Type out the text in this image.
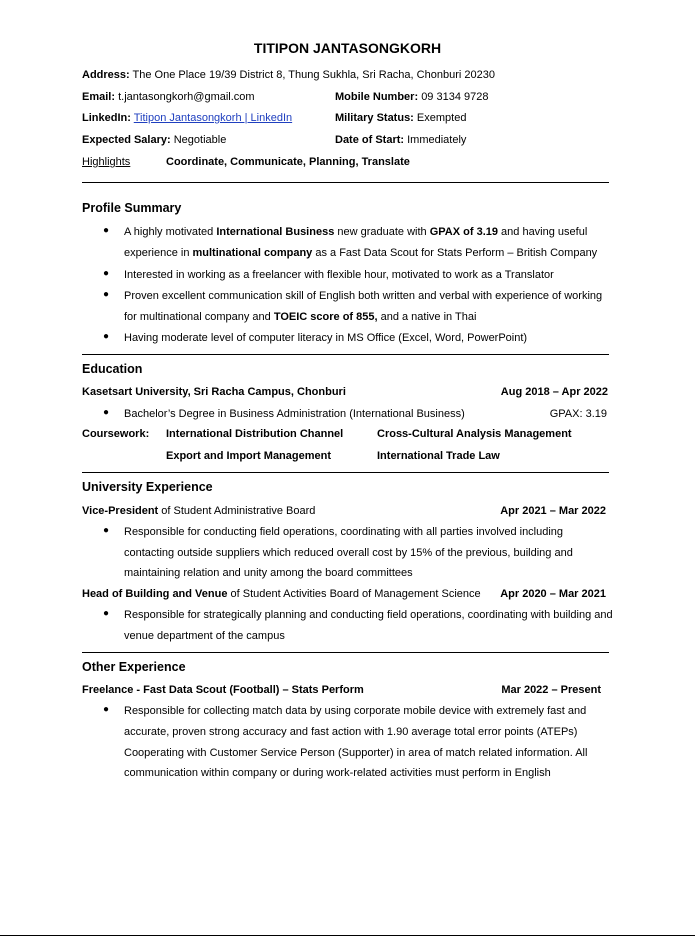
TITIPON JANTASONGKORH
Address: The One Place 19/39 District 8, Thung Sukhla, Sri Racha, Chonburi 20230
Email: t.jantasongkorh@gmail.com	Mobile Number: 09 3134 9728
LinkedIn: Titipon Jantasongkorh | LinkedIn	Military Status: Exempted
Expected Salary: Negotiable	Date of Start: Immediately
Highlights	Coordinate, Communicate, Planning, Translate
Profile Summary
● A highly motivated International Business new graduate with GPAX of 3.19 and having useful
experience in multinational company as a Fast Data Scout for Stats Perform – British Company
● Interested in working as a freelancer with flexible hour, motivated to work as a Translator
● Proven excellent communication skill of English both written and verbal with experience of working
for multinational company and TOEIC score of 855, and a native in Thai
● Having moderate level of computer literacy in MS Office (Excel, Word, PowerPoint)
Education
Kasetsart University, Sri Racha Campus, Chonburi	Aug 2018 – Apr 2022
● Bachelor’s Degree in Business Administration (International Business)	GPAX: 3.19
Coursework: International Distribution Channel	Cross-Cultural Analysis Management
Export and Import Management	International Trade Law
University Experience
Vice-President of Student Administrative Board	Apr 2021 – Mar 2022
● Responsible for conducting field operations, coordinating with all parties involved including
contacting outside suppliers which reduced overall cost by 15% of the previous, building and
maintaining relation and unity among the board committees
Head of Building and Venue of Student Activities Board of Management Science	Apr 2020 – Mar 2021
● Responsible for strategically planning and conducting field operations, coordinating with building and
venue department of the campus
Other Experience
Freelance - Fast Data Scout (Football) – Stats Perform	Mar 2022 – Present
● Responsible for collecting match data by using corporate mobile device with extremely fast and
accurate, proven strong accuracy and fast action with 1.90 average total error points (ATEPs)
Cooperating with Customer Service Person (Supporter) in area of match related information. All
communication within company or during work-related activities must perform in English
